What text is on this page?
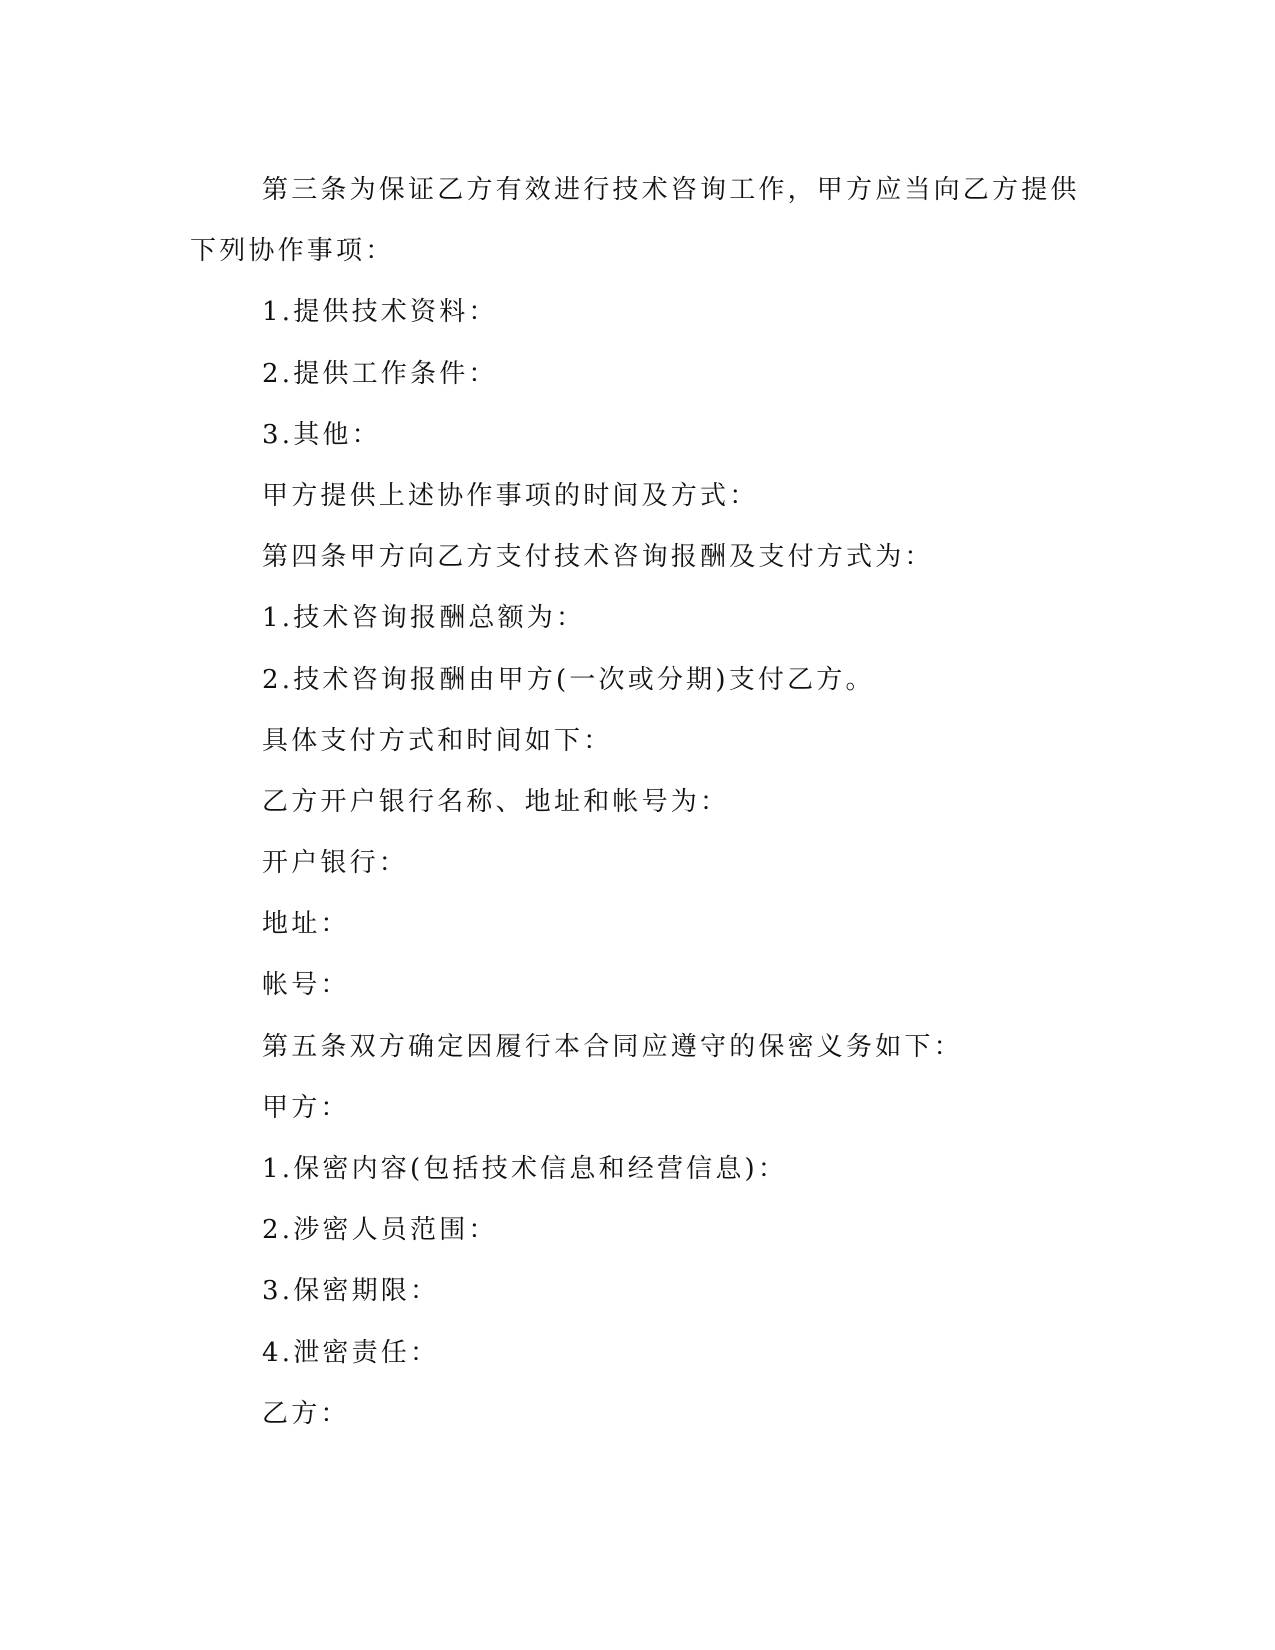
第三条为保证乙方有效进行技术咨询工作，甲方应当向乙方提供
下列协作事项：
1.提供技术资料：
2.提供工作条件：
3.其他：
甲方提供上述协作事项的时间及方式：
第四条甲方向乙方支付技术咨询报酬及支付方式为：
1.技术咨询报酬总额为：
2.技术咨询报酬由甲方(一次或分期)支付乙方。
具体支付方式和时间如下：
乙方开户银行名称、地址和帐号为：
开户银行：
地址：
帐号：
第五条双方确定因履行本合同应遵守的保密义务如下：
甲方：
1.保密内容(包括技术信息和经营信息)：
2.涉密人员范围：
3.保密期限：
4.泄密责任：
乙方：
